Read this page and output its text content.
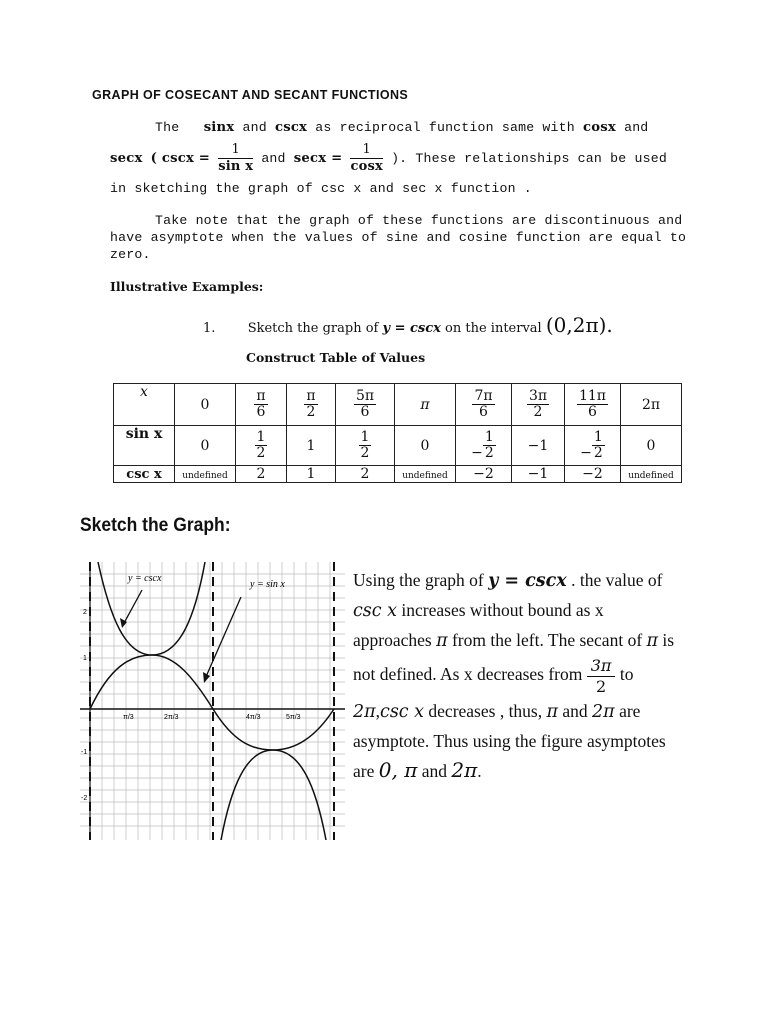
GRAPH OF COSECANT AND SECANT FUNCTIONS
The sinx and cscx as reciprocal function same with cosx and
secx ( $\csc x = \frac{1}{\text{sin x}}$ and $\sec x = \frac{1}{\cos x}$ ). These relationships can be used
in sketching the graph of csc x and sec x function .
Take note that the graph of these functions are discontinuous and
have asymptote when the values of sine and cosine function are equal to
zero.
Illustrative Examples:
1. Sketch the graph of y = cscx on the interval (0,2π).
Construct Table of Values
x	0	$\frac{\pi}{6}$	$\frac{\pi}{2}$	$\frac{5\pi}{6}$	π	$\frac{7\pi}{6}$	$\frac{3\pi}{2}$	$\frac{11\pi}{6}$	2π
sin x	0	$\frac{1}{2}$	1	$\frac{1}{2}$	0	− $\frac{1}{2}$	−1	− $\frac{1}{2}$	0
csc x	undefined	2	1	2	undefined	−2	−1	−2	undefined
Sketch the Graph:
y = cscx
y = sin x
π/3	2π/3	4π/3	5π/3
2
1
-1
-2
Using the graph of y = cscx . the value of csc x increases without bound as x approaches π from the left. The secant of π is not defined. As x decreases from $\frac{3\pi}{2}$ to 2π,csc x decreases , thus, π and 2π are asymptote. Thus using the figure asymptotes are 0, π and 2π.
